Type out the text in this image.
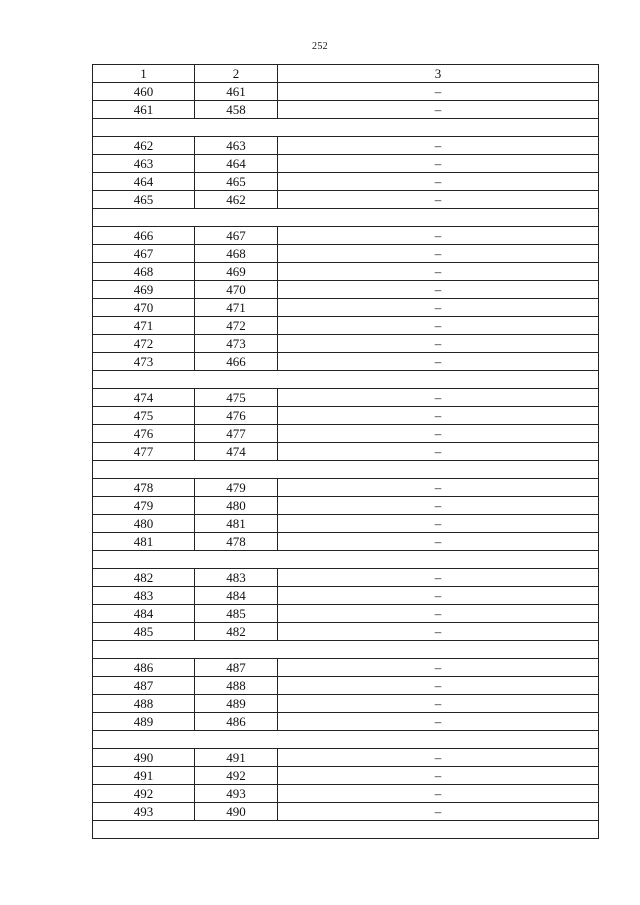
252
1	2	3
460	461	–
461	458	–

462	463	–
463	464	–
464	465	–
465	462	–

466	467	–
467	468	–
468	469	–
469	470	–
470	471	–
471	472	–
472	473	–
473	466	–

474	475	–
475	476	–
476	477	–
477	474	–

478	479	–
479	480	–
480	481	–
481	478	–

482	483	–
483	484	–
484	485	–
485	482	–

486	487	–
487	488	–
488	489	–
489	486	–

490	491	–
491	492	–
492	493	–
493	490	–
